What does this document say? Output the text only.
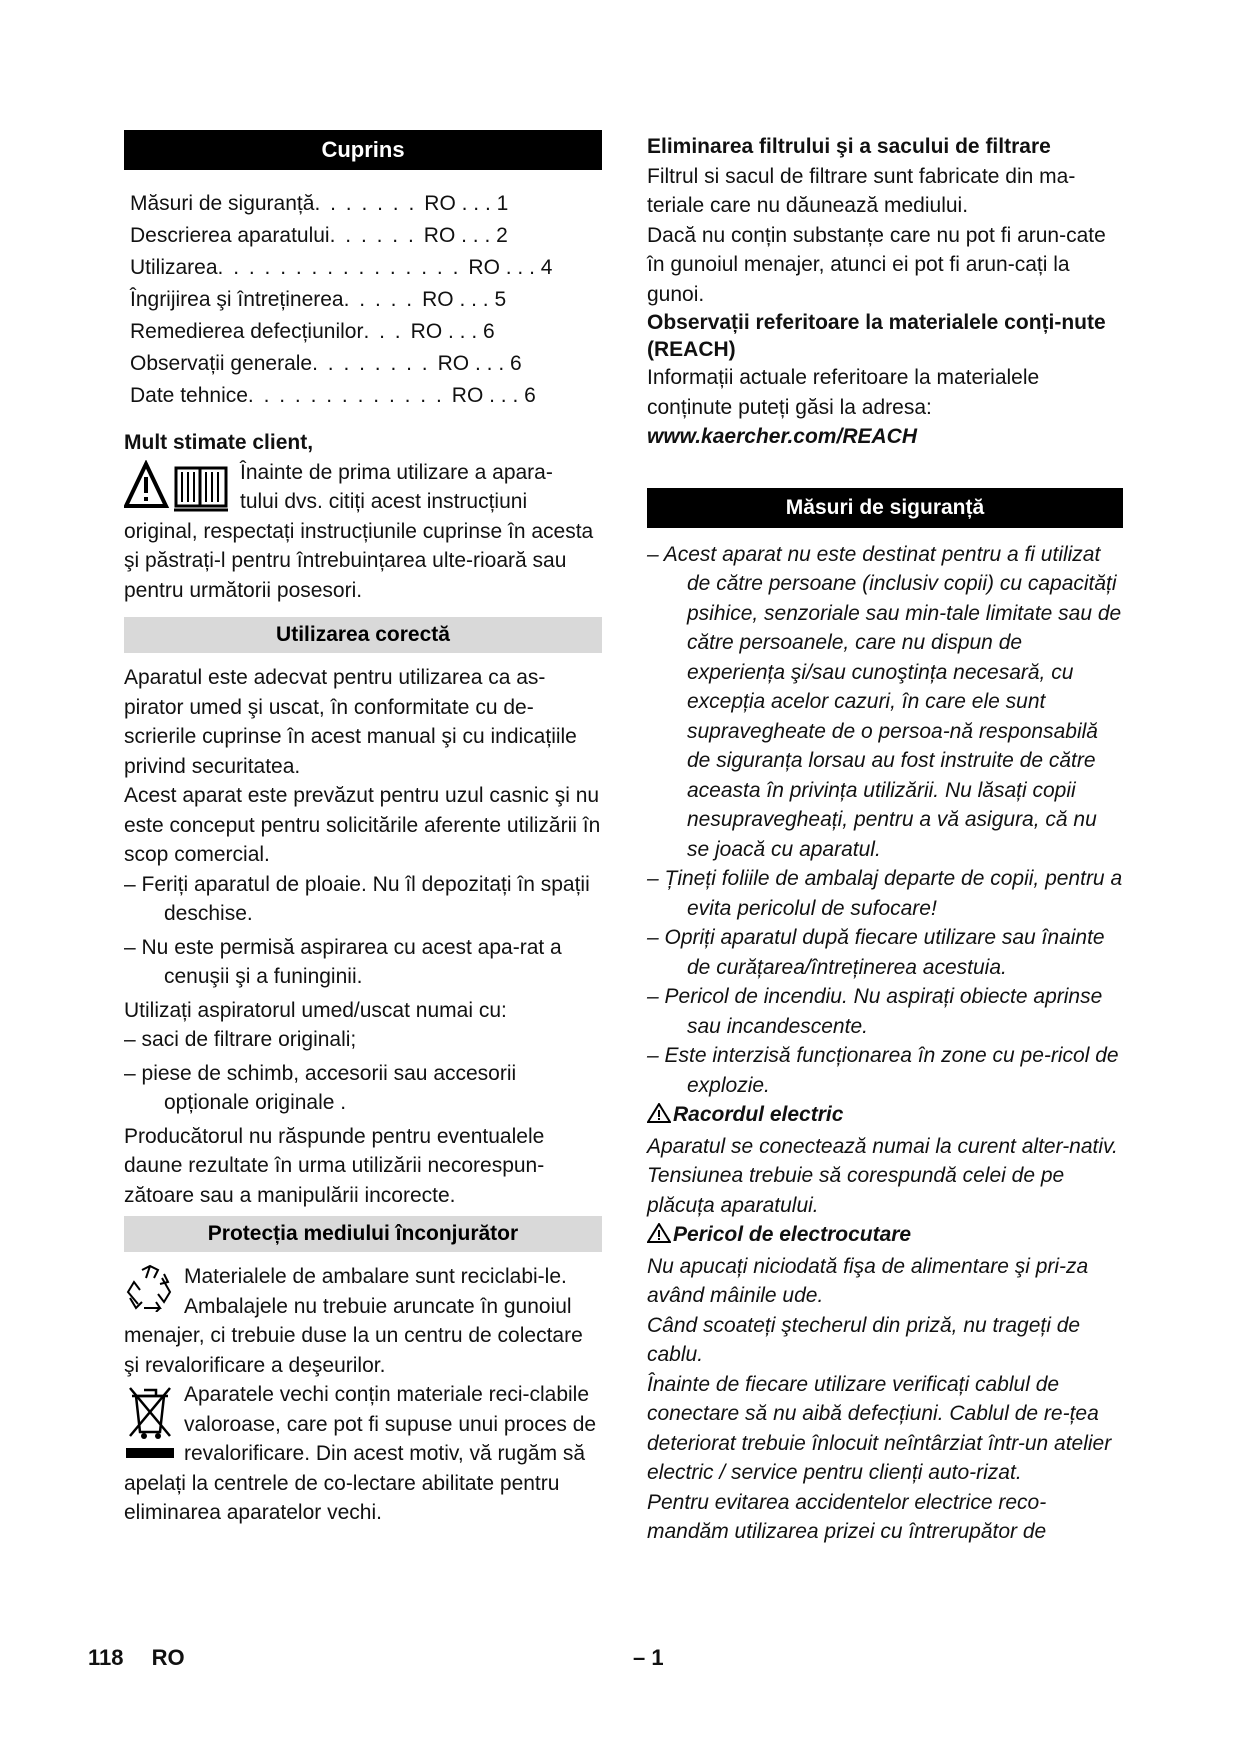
Cuprins
Măsuri de siguranță . . . . . . . RO . . . 1
Descrierea aparatului . . . . . . RO . . . 2
Utilizarea . . . . . . . . . . . . . . . . RO . . . 4
Îngrijirea şi întreținerea . . . . . RO . . . 5
Remedierea defecțiunilor . . . RO . . . 6
Observații generale . . . . . . . . RO . . . 6
Date tehnice . . . . . . . . . . . . . RO . . . 6

Mult stimate client,

Înainte de prima utilizare a apara-

tului dvs. citiți acest instrucțiuni

original, respectați instrucțiunile cuprinse în acesta şi păstrați-l pentru întrebuințarea ulte-rioară sau pentru următorii posesori.

Utilizarea corectă

Aparatul este adecvat pentru utilizarea ca as-pirator umed şi uscat, în conformitate cu de-scrierile cuprinse în acest manual şi cu indicațiile privind securitatea.

Acest aparat este prevăzut pentru uzul casnic şi nu este conceput pentru solicitările aferente utilizării în scop comercial.

– Feriți aparatul de ploaie. Nu îl depozitați în spații deschise.

– Nu este permisă aspirarea cu acest apa-rat a cenuşii şi a funinginii.

Utilizați aspiratorul umed/uscat numai cu:

– saci de filtrare originali;

– piese de schimb, accesorii sau accesorii opționale originale .

Producătorul nu răspunde pentru eventualele daune rezultate în urma utilizării necorespun-zătoare sau a manipulării incorecte.

Protecția mediului înconjurător

Materialele de ambalare sunt reciclabi-le. Ambalajele nu trebuie aruncate în gunoiul menajer, ci trebuie duse la un centru de colectare şi revalorificare a deşeurilor.

Aparatele vechi conțin materiale reci-clabile valoroase, care pot fi supuse unui proces de revalorificare. Din acest motiv, vă rugăm să apelați la centrele de co-lectare abilitate pentru eliminarea aparatelor vechi.

Eliminarea filtrului şi a sacului de filtrare

Filtrul si sacul de filtrare sunt fabricate din ma-teriale care nu dăunează mediului.

Dacă nu conțin substanțe care nu pot fi arun-cate în gunoiul menajer, atunci ei pot fi arun-cați la gunoi.

Observații referitoare la materialele conți-nute (REACH)

Informații actuale referitoare la materialele conținute puteți găsi la adresa:

www.kaercher.com/REACH

Măsuri de siguranță

– Acest aparat nu este destinat pentru a fi utilizat de către persoane (inclusiv copii) cu capacități psihice, senzoriale sau min-tale limitate sau de către persoanele, care nu dispun de experiența şi/sau cunoştința necesară, cu excepția acelor cazuri, în care ele sunt supravegheate de o persoa-nă responsabilă de siguranța lorsau au fost instruite de către aceasta în privința utilizării. Nu lăsați copii nesupravegheați, pentru a vă asigura, că nu se joacă cu aparatul.

– Țineți foliile de ambalaj departe de copii, pentru a evita pericolul de sufocare!

– Opriți aparatul după fiecare utilizare sau înainte de curățarea/întreținerea acestuia.

– Pericol de incendiu. Nu aspirați obiecte aprinse sau incandescente.

– Este interzisă funcționarea în zone cu pe-ricol de explozie.

Racordul electric

Aparatul se conectează numai la curent alter-nativ. Tensiunea trebuie să corespundă celei de pe plăcuța aparatului.

Pericol de electrocutare

Nu apucați niciodată fişa de alimentare şi pri-za având mâinile ude.

Când scoateți ştecherul din priză, nu trageți de cablu.

Înainte de fiecare utilizare verificați cablul de conectare să nu aibă defecțiuni. Cablul de re-țea deteriorat trebuie înlocuit neîntârziat într-un atelier electric / service pentru clienți auto-rizat.

Pentru evitarea accidentelor electrice reco-mandăm utilizarea prizei cu întrerupător de

118 RO	– 1
